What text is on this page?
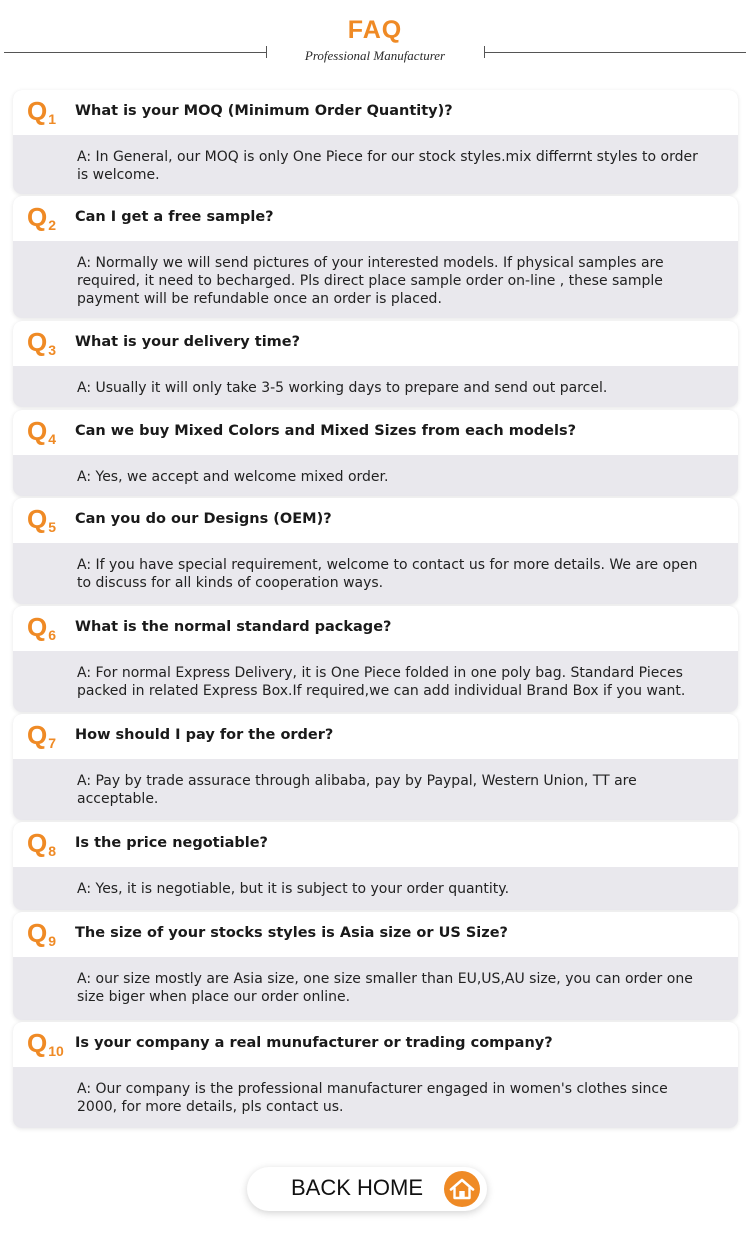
FAQ
Professional Manufacturer
Q1 What is your MOQ (Minimum Order Quantity)?
A: In General, our MOQ is only One Piece for our stock styles.mix differrnt styles to order is welcome.
Q2 Can I get a free sample?
A: Normally we will send pictures of your interested models. If physical samples are required, it need to becharged. Pls direct place sample order on-line , these sample payment will be refundable once an order is placed.
Q3 What is your delivery time?
A: Usually it will only take 3-5 working days to prepare and send out parcel.
Q4 Can we buy Mixed Colors and Mixed Sizes from each models?
A: Yes, we accept and welcome mixed order.
Q5 Can you do our Designs (OEM)?
A: If you have special requirement, welcome to contact us for more details. We are open to discuss for all kinds of cooperation ways.
Q6 What is the normal standard package?
A: For normal Express Delivery, it is One Piece folded in one poly bag. Standard Pieces packed in related Express Box.If required,we can add individual Brand Box if you want.
Q7 How should I pay for the order?
A: Pay by trade assurace through alibaba, pay by Paypal, Western Union, TT are acceptable.
Q8 Is the price negotiable?
A: Yes, it is negotiable, but it is subject to your order quantity.
Q9 The size of your stocks styles is Asia size or US Size?
A: our size mostly are Asia size, one size smaller than EU,US,AU size, you can order one size biger when place our order online.
Q10 Is your company a real munufacturer or trading company?
A: Our company is the professional manufacturer engaged in women's clothes since 2000, for more details, pls contact us.
BACK HOME
